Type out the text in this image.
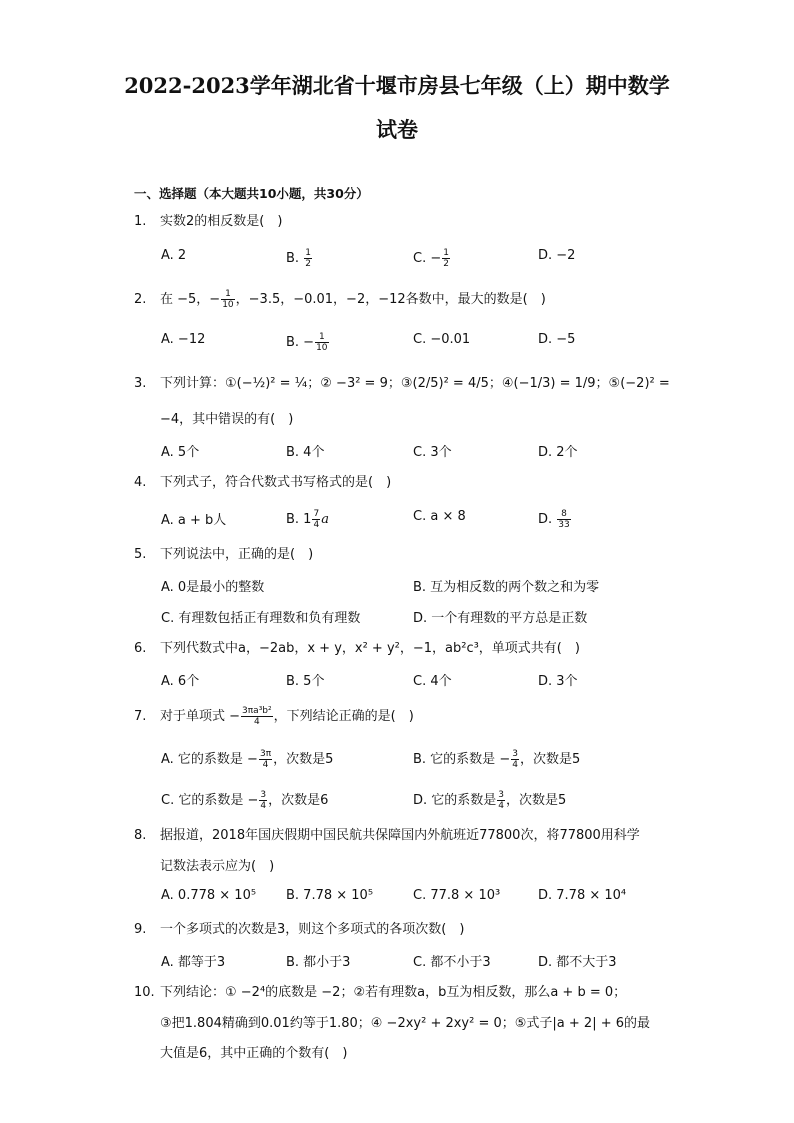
2022-2023学年湖北省十堰市房县七年级（上）期中数学
试卷
一、选择题（本大题共10小题，共30分）
1. 实数2的相反数是(　)
A. 2	B. $\frac{1}{2}$	C. − $\frac{1}{2}$	D. −2
2. 在 −5，− $\frac{1}{10}$ ，−3.5，−0.01，−2，−12各数中，最大的数是(　)
A. −12	B. − $\frac{1}{10}$	C. −0.01	D. −5
3. 下列计算：①(−½)² = ¼；② −3² = 9；③(2/5)² = 4/5；④(−1/3) = 1/9；⑤(−2)² =
−4，其中错误的有(　)
A. 5个	B. 4个	C. 3个	D. 2个
4. 下列式子，符合代数式书写格式的是(　)
A. a + b人	B. $1 \frac{7}{4}$ a	C. a × 8	D. $\frac{8}{33}$
5. 下列说法中，正确的是(　)
A. 0是最小的整数	B. 互为相反数的两个数之和为零
C. 有理数包括正有理数和负有理数	D. 一个有理数的平方总是正数
6. 下列代数式中a，−2ab，x + y，x² + y²，−1，ab²c³，单项式共有(　)
A. 6个	B. 5个	C. 4个	D. 3个
7. 对于单项式 − $\frac{\text{3πa³b²}}{4}$ ，下列结论正确的是(　)
A. 它的系数是 − $\frac{3\pi}{4}$ ，次数是5	B. 它的系数是 − $\frac{3}{4}$ ，次数是5
C. 它的系数是 − $\frac{3}{4}$ ，次数是6	D. 它的系数是 $\frac{3}{4}$ ，次数是5
8. 据报道，2018年国庆假期中国民航共保障国内外航班近77800次，将77800用科学
记数法表示应为(　)
A. 0.778 × 10⁵ B. 7.78 × 10⁵	C. 77.8 × 10³	D. 7.78 × 10⁴
9. 一个多项式的次数是3，则这个多项式的各项次数(　)
A. 都等于3	B. 都小于3	C. 都不小于3	D. 都不大于3
10. 下列结论：① −2⁴的底数是 −2；②若有理数a，b互为相反数，那么a + b = 0；
③把1.804精确到0.01约等于1.80；④ −2xy² + 2xy² = 0；⑤式子|a + 2| + 6的最
大值是6，其中正确的个数有(　)
